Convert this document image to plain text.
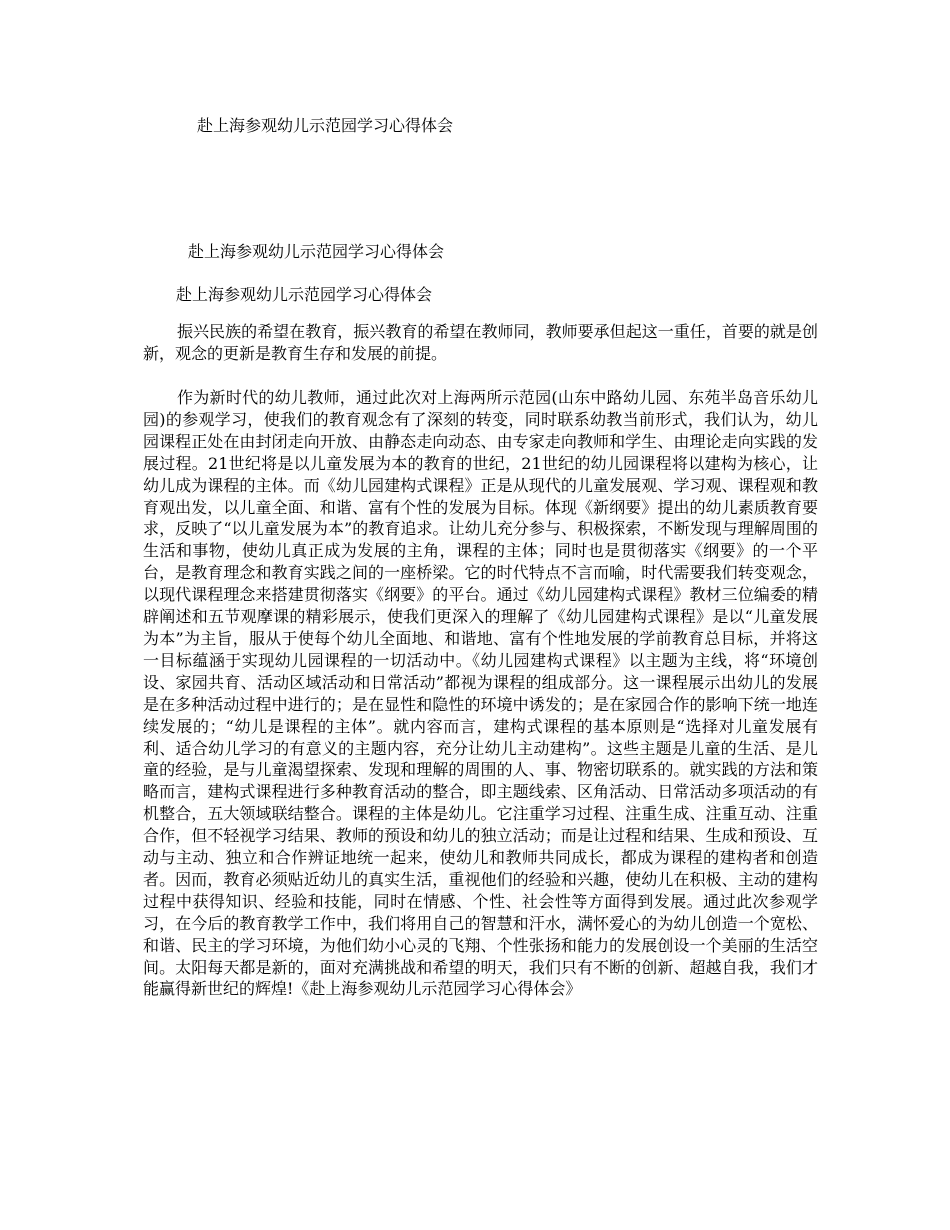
赴上海参观幼儿示范园学习心得体会
赴上海参观幼儿示范园学习心得体会
赴上海参观幼儿示范园学习心得体会

振兴民族的希望在教育，振兴教育的希望在教师同，教师要承但起这一重任，首要的就是创新，观念的更新是教育生存和发展的前提。

作为新时代的幼儿教师，通过此次对上海两所示范园(山东中路幼儿园、东苑半岛音乐幼儿园)的参观学习，使我们的教育观念有了深刻的转变，同时联系幼教当前形式，我们认为，幼儿园课程正处在由封闭走向开放、由静态走向动态、由专家走向教师和学生、由理论走向实践的发展过程。21世纪将是以儿童发展为本的教育的世纪，21世纪的幼儿园课程将以建构为核心，让幼儿成为课程的主体。而《幼儿园建构式课程》正是从现代的儿童发展观、学习观、课程观和教育观出发，以儿童全面、和谐、富有个性的发展为目标。体现《新纲要》提出的幼儿素质教育要求，反映了“以儿童发展为本”的教育追求。让幼儿充分参与、积极探索，不断发现与理解周围的生活和事物，使幼儿真正成为发展的主角，课程的主体；同时也是贯彻落实《纲要》的一个平台，是教育理念和教育实践之间的一座桥梁。它的时代特点不言而喻，时代需要我们转变观念，以现代课程理念来搭建贯彻落实《纲要》的平台。通过《幼儿园建构式课程》教材三位编委的精辟阐述和五节观摩课的精彩展示，使我们更深入的理解了《幼儿园建构式课程》是以“儿童发展为本”为主旨，服从于使每个幼儿全面地、和谐地、富有个性地发展的学前教育总目标，并将这一目标蕴涵于实现幼儿园课程的一切活动中。《幼儿园建构式课程》以主题为主线，将“环境创设、家园共育、活动区域活动和日常活动”都视为课程的组成部分。这一课程展示出幼儿的发展是在多种活动过程中进行的；是在显性和隐性的环境中诱发的；是在家园合作的影响下统一地连续发展的；“幼儿是课程的主体”。就内容而言，建构式课程的基本原则是“选择对儿童发展有利、适合幼儿学习的有意义的主题内容，充分让幼儿主动建构”。这些主题是儿童的生活、是儿童的经验，是与儿童渴望探索、发现和理解的周围的人、事、物密切联系的。就实践的方法和策略而言，建构式课程进行多种教育活动的整合，即主题线索、区角活动、日常活动多项活动的有机整合，五大领域联结整合。课程的主体是幼儿。它注重学习过程、注重生成、注重互动、注重合作，但不轻视学习结果、教师的预设和幼儿的独立活动；而是让过程和结果、生成和预设、互动与主动、独立和合作辨证地统一起来，使幼儿和教师共同成长，都成为课程的建构者和创造者。因而，教育必须贴近幼儿的真实生活，重视他们的经验和兴趣，使幼儿在积极、主动的建构过程中获得知识、经验和技能，同时在情感、个性、社会性等方面得到发展。通过此次参观学习，在今后的教育教学工作中，我们将用自己的智慧和汗水，满怀爱心的为幼儿创造一个宽松、和谐、民主的学习环境，为他们幼小心灵的飞翔、个性张扬和能力的发展创设一个美丽的生活空间。太阳每天都是新的，面对充满挑战和希望的明天，我们只有不断的创新、超越自我，我们才能赢得新世纪的辉煌!《赴上海参观幼儿示范园学习心得体会》
